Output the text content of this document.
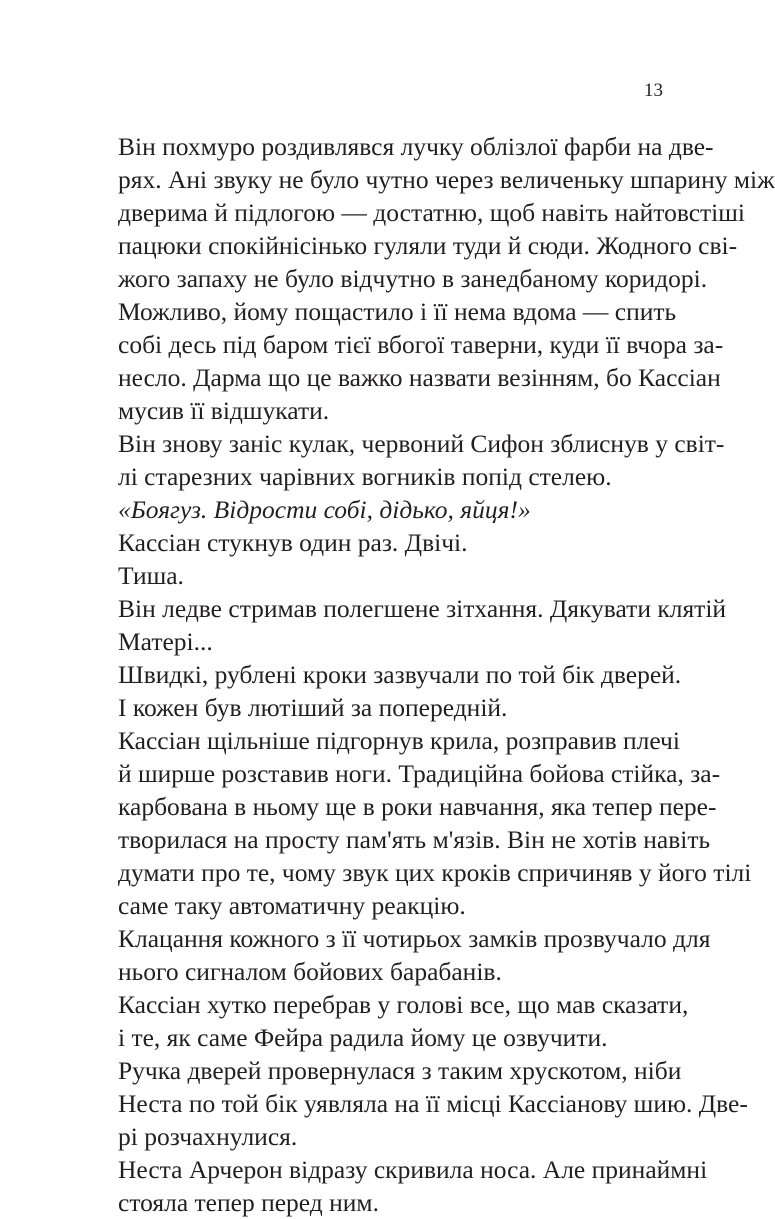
13
Він похмуро роздивлявся лучку облізлої фарби на две-
рях. Ані звуку не було чутно через величеньку шпарину між
дверима й підлогою — достатню, щоб навіть найтовстіші
пацюки спокійнісінько гуляли туди й сюди. Жодного сві-
жого запаху не було відчутно в занедбаному коридорі.
Можливо, йому пощастило і її нема вдома — спить
собі десь під баром тієї вбогої таверни, куди її вчора за-
несло. Дарма що це важко назвати везінням, бо Кассіан
мусив її відшукати.
Він знову заніс кулак, червоний Сифон зблиснув у світ-
лі старезних чарівних вогників попід стелею.
«Боягуз. Відрости собі, дідько, яйця!»
Кассіан стукнув один раз. Двічі.
Тиша.
Він ледве стримав полегшене зітхання. Дякувати клятій
Матері...
Швидкі, рублені кроки зазвучали по той бік дверей.
І кожен був лютіший за попередній.
Кассіан щільніше підгорнув крила, розправив плечі
й ширше розставив ноги. Традиційна бойова стійка, за-
карбована в ньому ще в роки навчання, яка тепер пере-
творилася на просту пам'ять м'язів. Він не хотів навіть
думати про те, чому звук цих кроків спричиняв у його тілі
саме таку автоматичну реакцію.
Клацання кожного з її чотирьох замків прозвучало для
нього сигналом бойових барабанів.
Кассіан хутко перебрав у голові все, що мав сказати,
і те, як саме Фейра радила йому це озвучити.
Ручка дверей провернулася з таким хрускотом, ніби
Неста по той бік уявляла на її місці Кассіанову шию. Две-
рі розчахнулися.
Неста Арчерон відразу скривила носа. Але принаймні
стояла тепер перед ним.
